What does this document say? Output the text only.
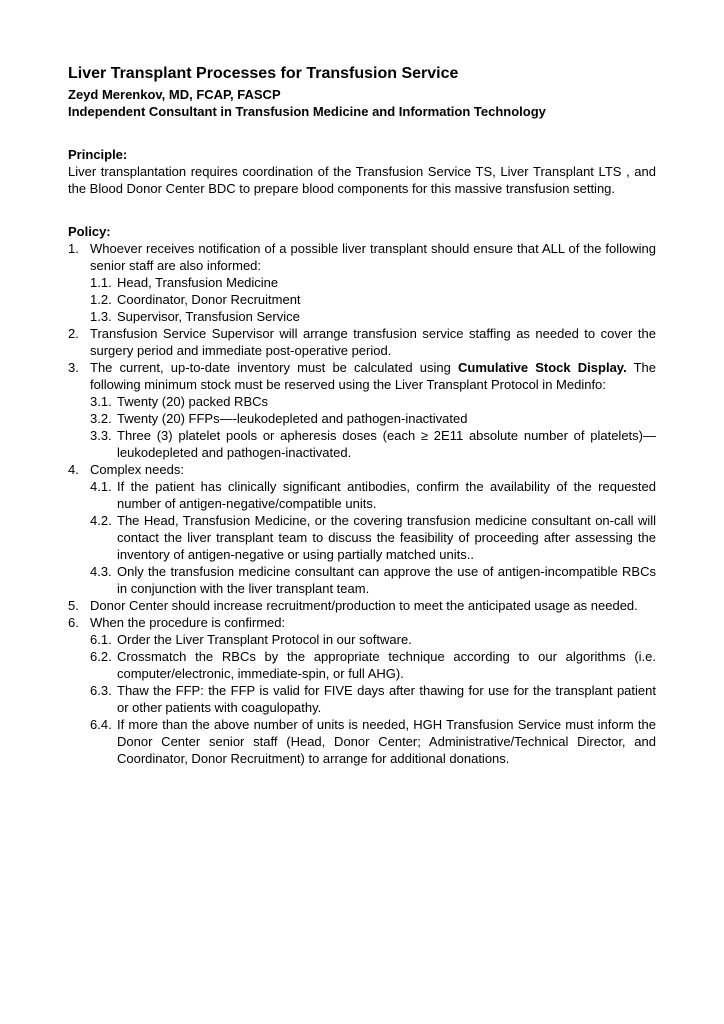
Liver Transplant Processes for Transfusion Service
Zeyd Merenkov, MD, FCAP, FASCP
Independent Consultant in Transfusion Medicine and Information Technology
Principle:
Liver transplantation requires coordination of the Transfusion Service TS, Liver Transplant LTS , and the Blood Donor Center BDC to prepare blood components for this massive transfusion setting.
Policy:
1. Whoever receives notification of a possible liver transplant should ensure that ALL of the following senior staff are also informed:
1.1. Head, Transfusion Medicine
1.2. Coordinator, Donor Recruitment
1.3. Supervisor, Transfusion Service
2. Transfusion Service Supervisor will arrange transfusion service staffing as needed to cover the surgery period and immediate post-operative period.
3. The current, up-to-date inventory must be calculated using Cumulative Stock Display. The following minimum stock must be reserved using the Liver Transplant Protocol in Medinfo:
3.1. Twenty (20) packed RBCs
3.2. Twenty (20) FFPs—-leukodepleted and pathogen-inactivated
3.3. Three (3) platelet pools or apheresis doses (each ≥ 2E11 absolute number of platelets)—leukodepleted and pathogen-inactivated.
4. Complex needs:
4.1. If the patient has clinically significant antibodies, confirm the availability of the requested number of antigen-negative/compatible units.
4.2. The Head, Transfusion Medicine, or the covering transfusion medicine consultant on-call will contact the liver transplant team to discuss the feasibility of proceeding after assessing the inventory of antigen-negative or using partially matched units..
4.3. Only the transfusion medicine consultant can approve the use of antigen-incompatible RBCs in conjunction with the liver transplant team.
5. Donor Center should increase recruitment/production to meet the anticipated usage as needed.
6. When the procedure is confirmed:
6.1. Order the Liver Transplant Protocol in our software.
6.2. Crossmatch the RBCs by the appropriate technique according to our algorithms (i.e. computer/electronic, immediate-spin, or full AHG).
6.3. Thaw the FFP: the FFP is valid for FIVE days after thawing for use for the transplant patient or other patients with coagulopathy.
6.4. If more than the above number of units is needed, HGH Transfusion Service must inform the Donor Center senior staff (Head, Donor Center; Administrative/Technical Director, and Coordinator, Donor Recruitment) to arrange for additional donations.
